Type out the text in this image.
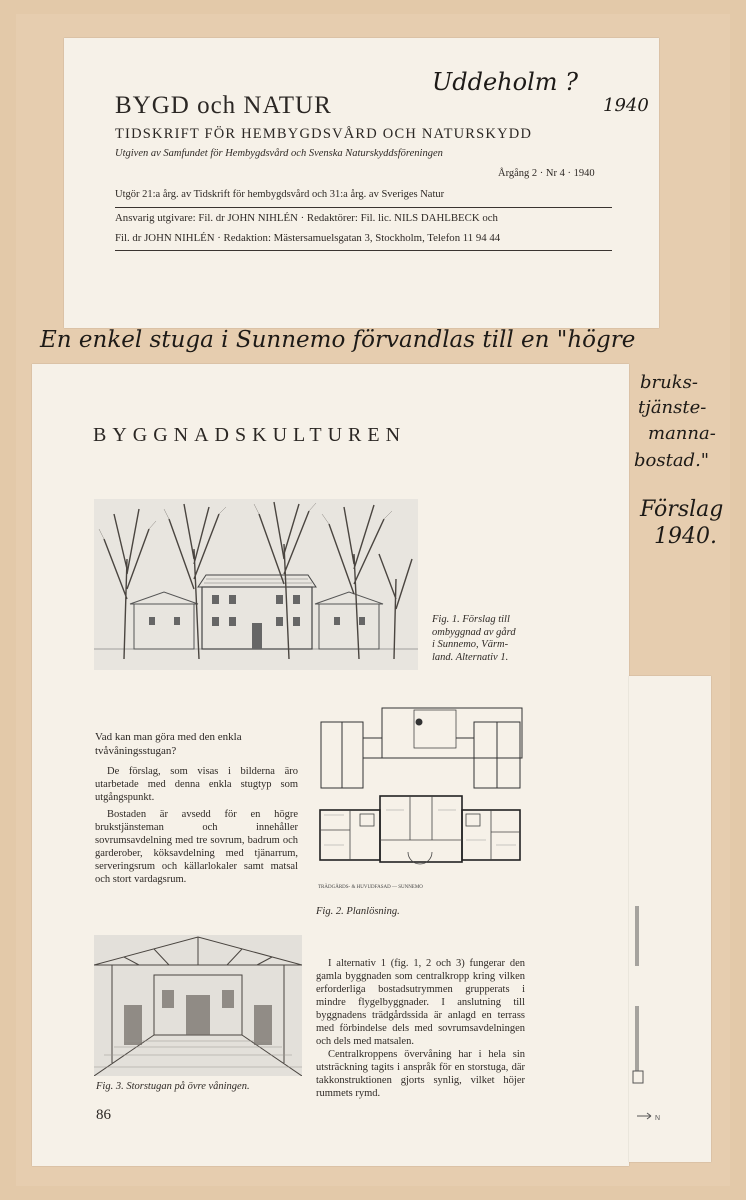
BYGD och NATUR
TIDSKRIFT FÖR HEMBYGDSVÅRD OCH NATURSKYDD
Utgiven av Samfundet för Hembygdsvård och Svenska Naturskyddsföreningen
Årgång 2 · Nr 4 · 1940
Utgör 21:a årg. av Tidskrift för hembygdsvård och 31:a årg. av Sveriges Natur
Ansvarig utgivare: Fil. dr JOHN NIHLÉN · Redaktörer: Fil. lic. NILS DAHLBECK och
Fil. dr JOHN NIHLÉN · Redaktion: Mästersamuelsgatan 3, Stockholm, Telefon 11 94 44
Uddeholm ?
1940
En enkel stuga i Sunnemo förvandlas till en "högre
bruks-
tjänste-
manna-
bostad."
Förslag
1940.
N
BYGGNADSKULTUREN
Fig. 1. Förslag till
ombyggnad av gård
i Sunnemo, Värm-
land. Alternativ 1.
Vad kan man göra med den enkla
tvåvåningsstugan?

De förslag, som visas i bilderna äro utarbetade med denna enkla stugtyp som utgångspunkt.

Bostaden är avsedd för en högre brukstjänsteman och innehåller sovrumsavdelning med tre sovrum, badrum och garderober, köksavdelning med tjänarrum, serveringsrum och källarlokaler samt matsal och stort vardagsrum.

TRÄDGÅRDS- & HUVUDFASAD — SUNNEMO
Fig. 2. Planlösning.
Fig. 3. Storstugan på övre våningen.

I alternativ 1 (fig. 1, 2 och 3) fungerar den gamla byggnaden som centralkropp kring vilken erforderliga bostadsutrymmen grupperats i mindre flygelbyggnader. I anslutning till byggnadens trädgårdssida är anlagd en terrass med förbindelse dels med sovrumsavdelningen och dels med matsalen.

Centralkroppens övervåning har i hela sin utsträckning tagits i anspråk för en storstuga, där takkonstruktionen gjorts synlig, vilket höjer rummets rymd.

86
